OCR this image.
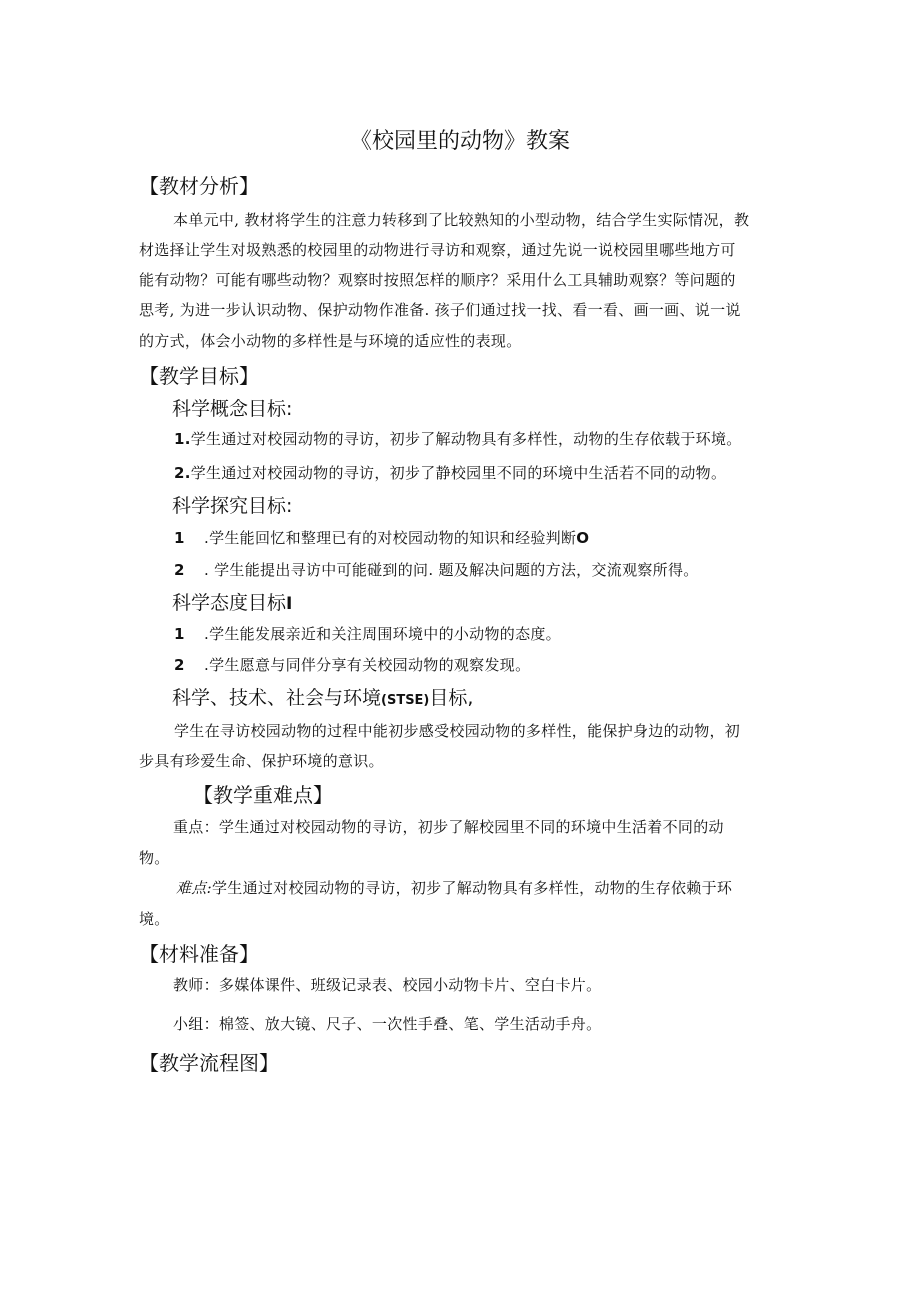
《校园里的动物》教案
【教材分析】
本单元中, 教材将学生的注意力转移到了比较熟知的小型动物，结合学生实际情况，教
材选择让学生对圾熟悉的校园里的动物进行寻访和观察，通过先说一说校园里哪些地方可
能有动物？可能有哪些动物？观察时按照怎样的顺序？采用什么工具辅助观察？等问题的
思考, 为进一步认识动物、保护动物作准备. 孩子们通过找一找、看一看、画一画、说一说
的方式，体会小动物的多样性是与环境的适应性的表现。
【教学目标】
科学概念目标:
1.学生通过对校园动物的寻访，初步了解动物具有多样性，动物的生存依载于环境。
2.学生通过对校园动物的寻访，初步了静校园里不同的环境中生活若不同的动物。
科学探究目标:
1 .学生能回忆和整理已有的对校园动物的知识和经验判断O
2 . 学生能提出寻访中可能碰到的问. 题及解决问题的方法，交流观察所得。
科学态度目标I
1 .学生能发展亲近和关注周围环境中的小动物的态度。
2 .学生愿意与同伴分享有关校园动物的观察发现。
科学、技术、社会与环境(STSE)目标,
学生在寻访校园动物的过程中能初步感受校园动物的多样性，能保护身边的动物，初
步具有珍爱生命、保护环境的意识。
【教学重难点】
重点：学生通过对校园动物的寻访，初步了解校园里不同的环境中生活着不同的动
物。
难点:学生通过对校园动物的寻访，初步了解动物具有多样性，动物的生存依赖于环
境。
【材料准备】
教师：多媒体课件、班级记录表、校园小动物卡片、空白卡片。
小组：棉签、放大镜、尺子、一次性手叠、笔、学生活动手舟。
【教学流程图】
